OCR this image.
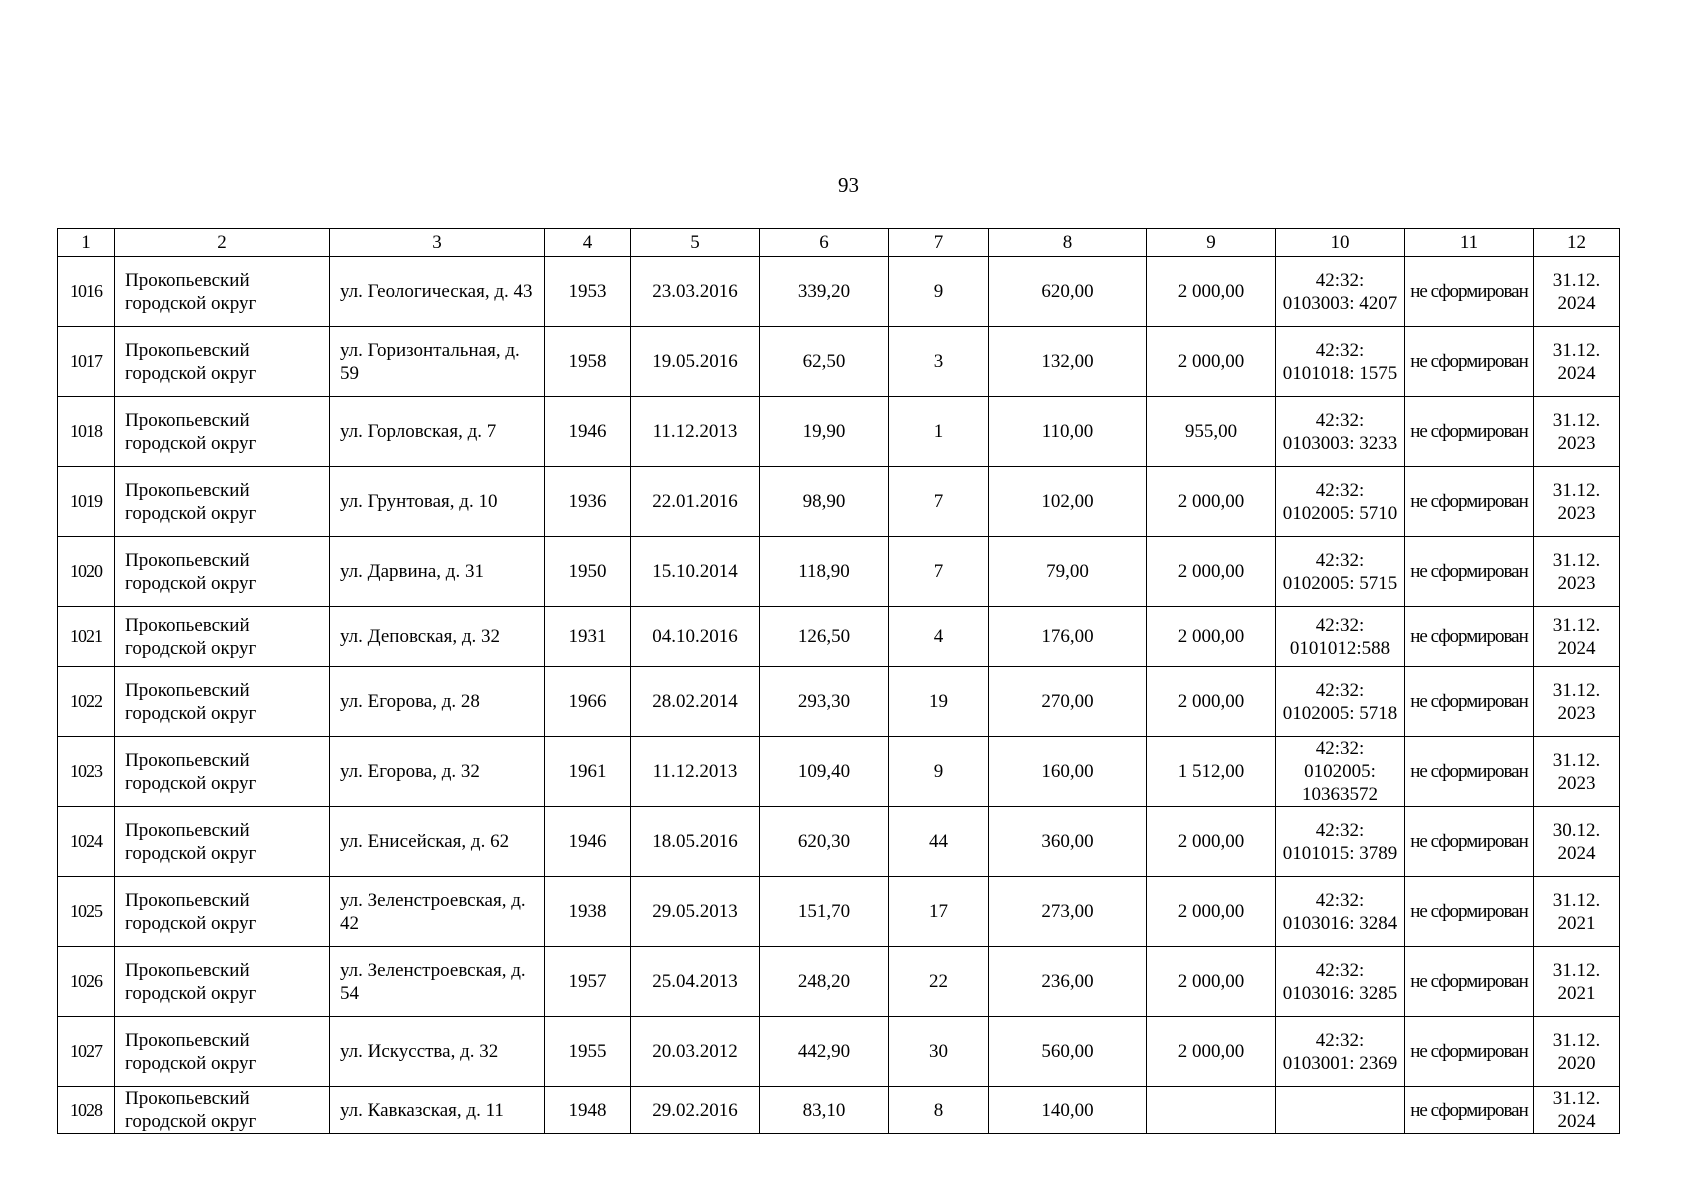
93
1	2	3	4	5	6	7	8	9	10	11	12
1016	Прокопьевский городской округ	ул. Геологическая, д. 43	1953	23.03.2016	339,20	9	620,00	2 000,00	42:32: 0103003: 4207	не сформирован	31.12. 2024
1017	Прокопьевский городской округ	ул. Горизонтальная, д. 59	1958	19.05.2016	62,50	3	132,00	2 000,00	42:32: 0101018: 1575	не сформирован	31.12. 2024
1018	Прокопьевский городской округ	ул. Горловская, д. 7	1946	11.12.2013	19,90	1	110,00	955,00	42:32: 0103003: 3233	не сформирован	31.12. 2023
1019	Прокопьевский городской округ	ул. Грунтовая, д. 10	1936	22.01.2016	98,90	7	102,00	2 000,00	42:32: 0102005: 5710	не сформирован	31.12. 2023
1020	Прокопьевский городской округ	ул. Дарвина, д. 31	1950	15.10.2014	118,90	7	79,00	2 000,00	42:32: 0102005: 5715	не сформирован	31.12. 2023
1021	Прокопьевский городской округ	ул. Деповская, д. 32	1931	04.10.2016	126,50	4	176,00	2 000,00	42:32: 0101012:588	не сформирован	31.12. 2024
1022	Прокопьевский городской округ	ул. Егорова, д. 28	1966	28.02.2014	293,30	19	270,00	2 000,00	42:32: 0102005: 5718	не сформирован	31.12. 2023
1023	Прокопьевский городской округ	ул. Егорова, д. 32	1961	11.12.2013	109,40	9	160,00	1 512,00	42:32: 0102005: 10363572	не сформирован	31.12. 2023
1024	Прокопьевский городской округ	ул. Енисейская, д. 62	1946	18.05.2016	620,30	44	360,00	2 000,00	42:32: 0101015: 3789	не сформирован	30.12. 2024
1025	Прокопьевский городской округ	ул. Зеленстроевская, д. 42	1938	29.05.2013	151,70	17	273,00	2 000,00	42:32: 0103016: 3284	не сформирован	31.12. 2021
1026	Прокопьевский городской округ	ул. Зеленстроевская, д. 54	1957	25.04.2013	248,20	22	236,00	2 000,00	42:32: 0103016: 3285	не сформирован	31.12. 2021
1027	Прокопьевский городской округ	ул. Искусства, д. 32	1955	20.03.2012	442,90	30	560,00	2 000,00	42:32: 0103001: 2369	не сформирован	31.12. 2020
1028	Прокопьевский городской округ	ул. Кавказская, д. 11	1948	29.02.2016	83,10	8	140,00			не сформирован	31.12. 2024
